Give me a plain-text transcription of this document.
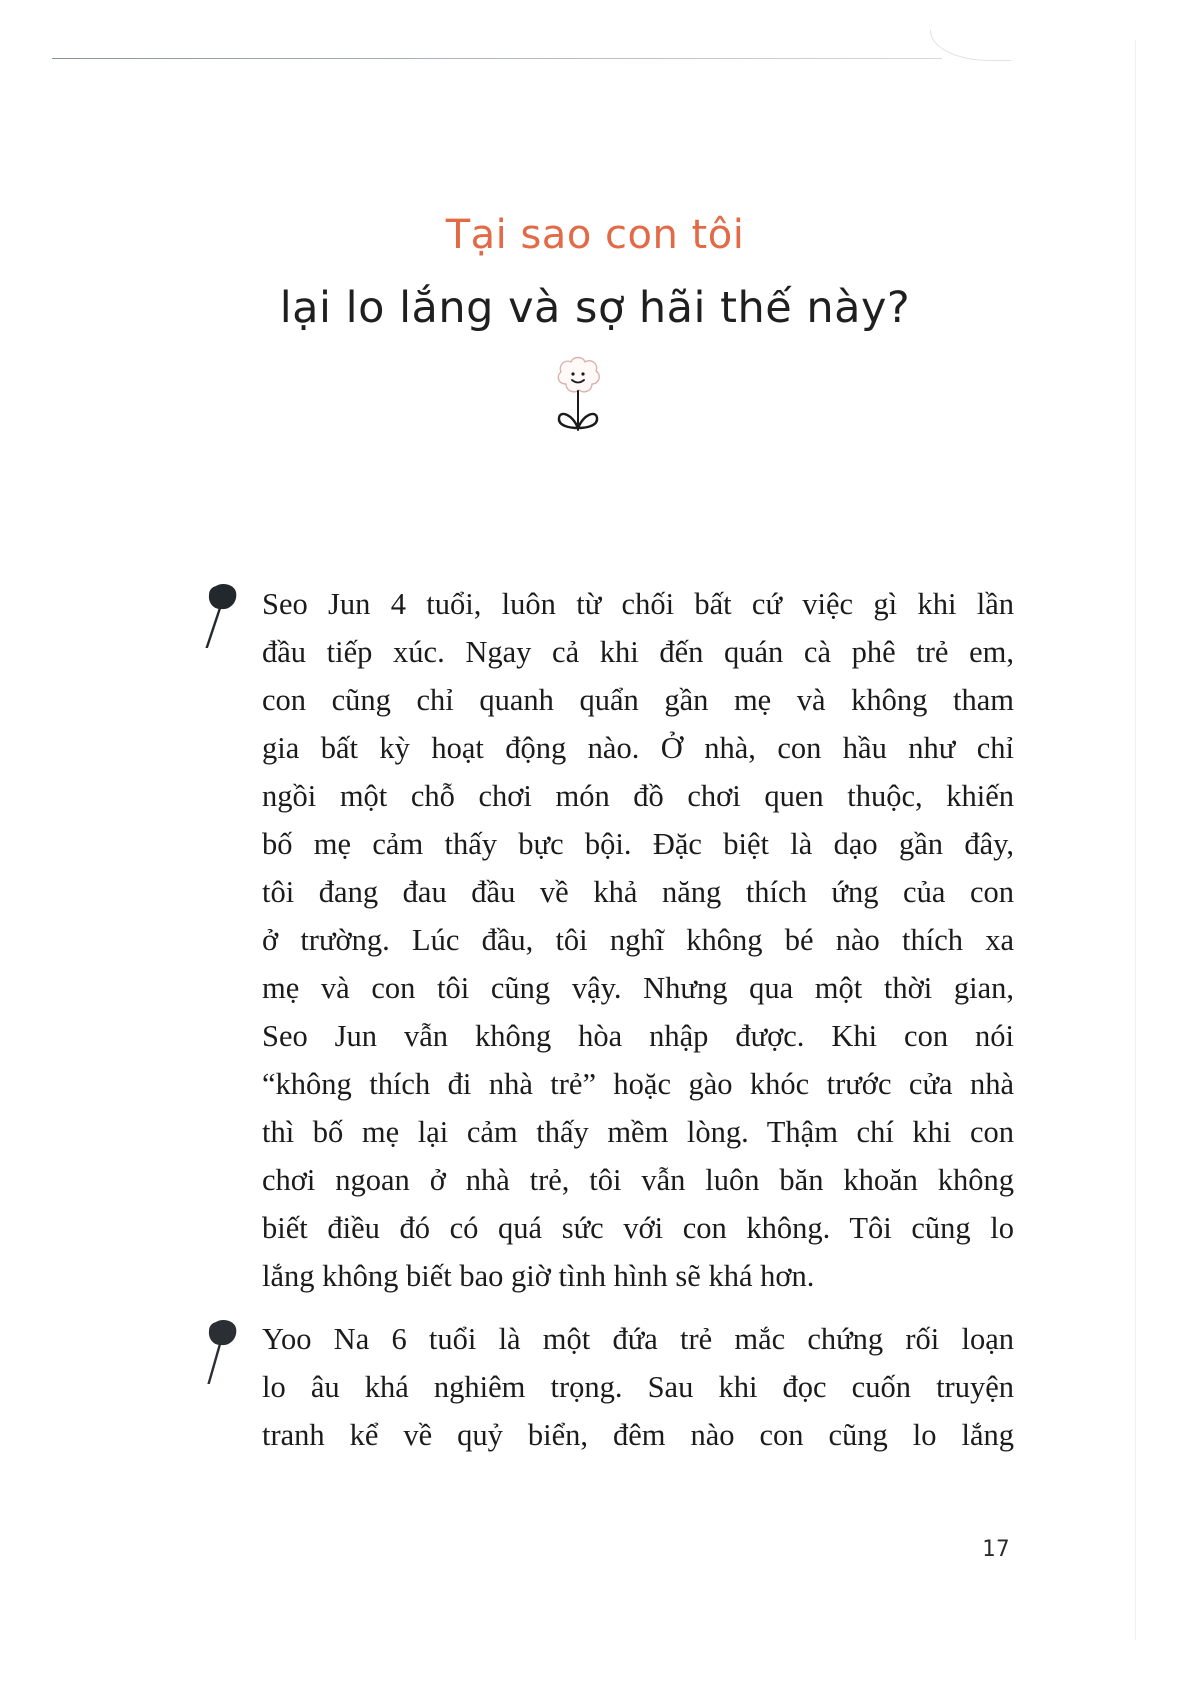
Tại sao con tôi
lại lo lắng và sợ hãi thế này?
Seo Jun 4 tuổi, luôn từ chối bất cứ việc gì khi lần
đầu tiếp xúc. Ngay cả khi đến quán cà phê trẻ em,
con cũng chỉ quanh quẩn gần mẹ và không tham
gia bất kỳ hoạt động nào. Ở nhà, con hầu như chỉ
ngồi một chỗ chơi món đồ chơi quen thuộc, khiến
bố mẹ cảm thấy bực bội. Đặc biệt là dạo gần đây,
tôi đang đau đầu về khả năng thích ứng của con
ở trường. Lúc đầu, tôi nghĩ không bé nào thích xa
mẹ và con tôi cũng vậy. Nhưng qua một thời gian,
Seo Jun vẫn không hòa nhập được. Khi con nói
“không thích đi nhà trẻ” hoặc gào khóc trước cửa nhà
thì bố mẹ lại cảm thấy mềm lòng. Thậm chí khi con
chơi ngoan ở nhà trẻ, tôi vẫn luôn băn khoăn không
biết điều đó có quá sức với con không. Tôi cũng lo
lắng không biết bao giờ tình hình sẽ khá hơn.
Yoo Na 6 tuổi là một đứa trẻ mắc chứng rối loạn
lo âu khá nghiêm trọng. Sau khi đọc cuốn truyện
tranh kể về quỷ biển, đêm nào con cũng lo lắng
17
